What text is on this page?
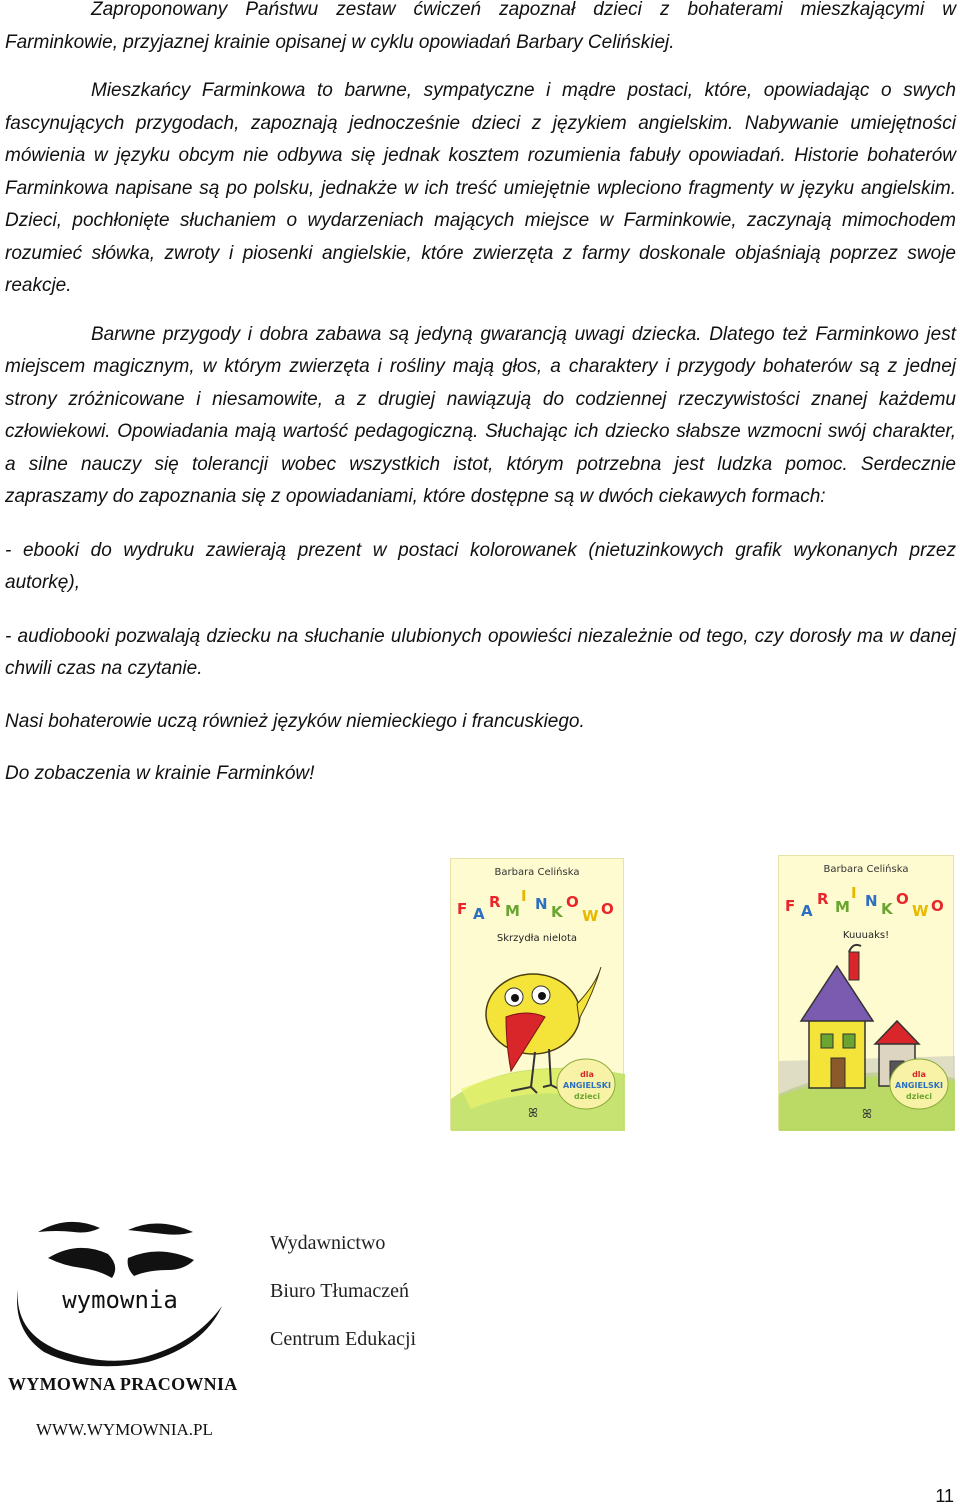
Zaproponowany Państwu zestaw ćwiczeń zapoznał dzieci z bohaterami mieszkającymi w Farminkowie, przyjaznej krainie opisanej w cyklu opowiadań Barbary Celińskiej.

Mieszkańcy Farminkowa to barwne, sympatyczne i mądre postaci, które, opowiadając o swych fascynujących przygodach, zapoznają jednocześnie dzieci z językiem angielskim. Nabywanie umiejętności mówienia w języku obcym nie odbywa się jednak kosztem rozumienia fabuły opowiadań. Historie bohaterów Farminkowa napisane są po polsku, jednakże w ich treść umiejętnie wpleciono fragmenty w języku angielskim. Dzieci, pochłonięte słuchaniem o wydarzeniach mających miejsce w Farminkowie, zaczynają mimochodem rozumieć słówka, zwroty i piosenki angielskie, które zwierzęta z farmy doskonale objaśniają poprzez swoje reakcje.

Barwne przygody i dobra zabawa są jedyną gwarancją uwagi dziecka. Dlatego też Farminkowo jest miejscem magicznym, w którym zwierzęta i rośliny mają głos, a charaktery i przygody bohaterów są z jednej strony zróżnicowane i niesamowite, a z drugiej nawiązują do codziennej rzeczywistości znanej każdemu człowiekowi. Opowiadania mają wartość pedagogiczną. Słuchając ich dziecko słabsze wzmocni swój charakter, a silne nauczy się tolerancji wobec wszystkich istot, którym potrzebna jest ludzka pomoc. Serdecznie zapraszamy do zapoznania się z opowiadaniami, które dostępne są w dwóch ciekawych formach:

- ebooki do wydruku zawierają prezent w postaci kolorowanek (nietuzinkowych grafik wykonanych przez autorkę),

- audiobooki pozwalają dziecku na słuchanie ulubionych opowieści niezależnie od tego, czy dorosły ma w danej chwili czas na czytanie.

Nasi bohaterowie uczą również języków niemieckiego i francuskiego.

Do zobaczenia w krainie Farminków!

Barbara Celińska
F A
R M
I N K
O
W O
ꕤ
Skrzydła nielota
dla
ANGIELSKI
dzieci
Barbara Celińska
F A
R M
I N K
O
W O
ꕤ
Kuuuaks!
dla
ANGIELSKI
dzieci
wymownia
Wydawnictwo
Biuro Tłumaczeń
Centrum Edukacji
WYMOWNA PRACOWNIA
WWW.WYMOWNIA.PL
11
